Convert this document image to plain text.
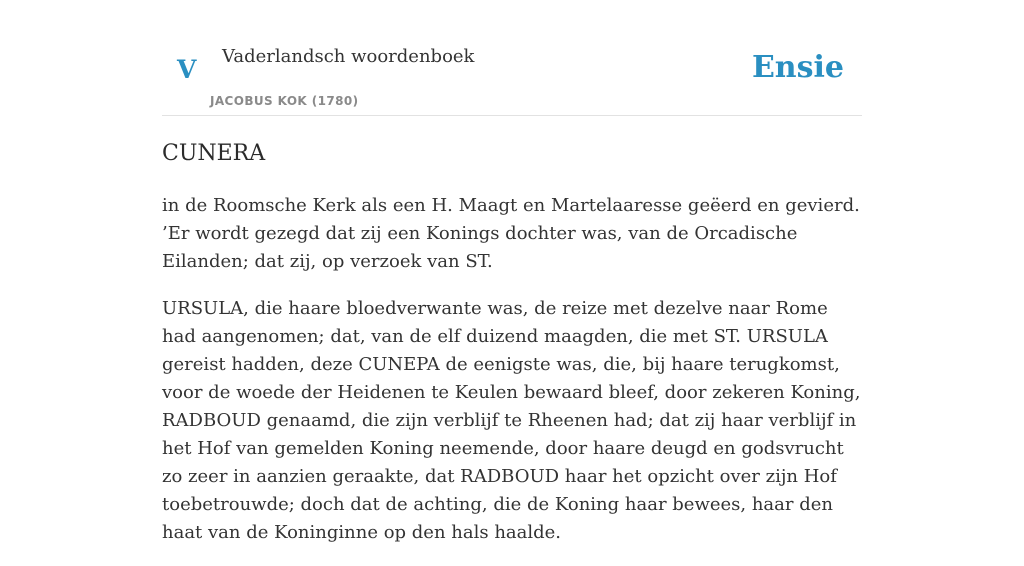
V Vaderlandsch woordenboek
JACOBUS KOK (1780)
Ensie
CUNERA

in de Roomsche Kerk als een H. Maagt en Martelaaresse geëerd en gevierd. ’Er wordt gezegd dat zij een Konings dochter was, van de Orcadische Eilanden; dat zij, op verzoek van ST.

URSULA, die haare bloedverwante was, de reize met dezelve naar Rome had aangenomen; dat, van de elf duizend maagden, die met ST. URSULA gereist hadden, deze CUNEPA de eenigste was, die, bij haare terugkomst, voor de woede der Heidenen te Keulen bewaard bleef, door zekeren Koning, RADBOUD genaamd, die zijn verblijf te Rheenen had; dat zij haar verblijf in het Hof van gemelden Koning neemende, door haare deugd en godsvrucht zo zeer in aanzien geraakte, dat RADBOUD haar het opzicht over zijn Hof toebetrouwde; doch dat de achting, die de Koning haar bewees, haar den haat van de Koninginne op den hals haalde.
